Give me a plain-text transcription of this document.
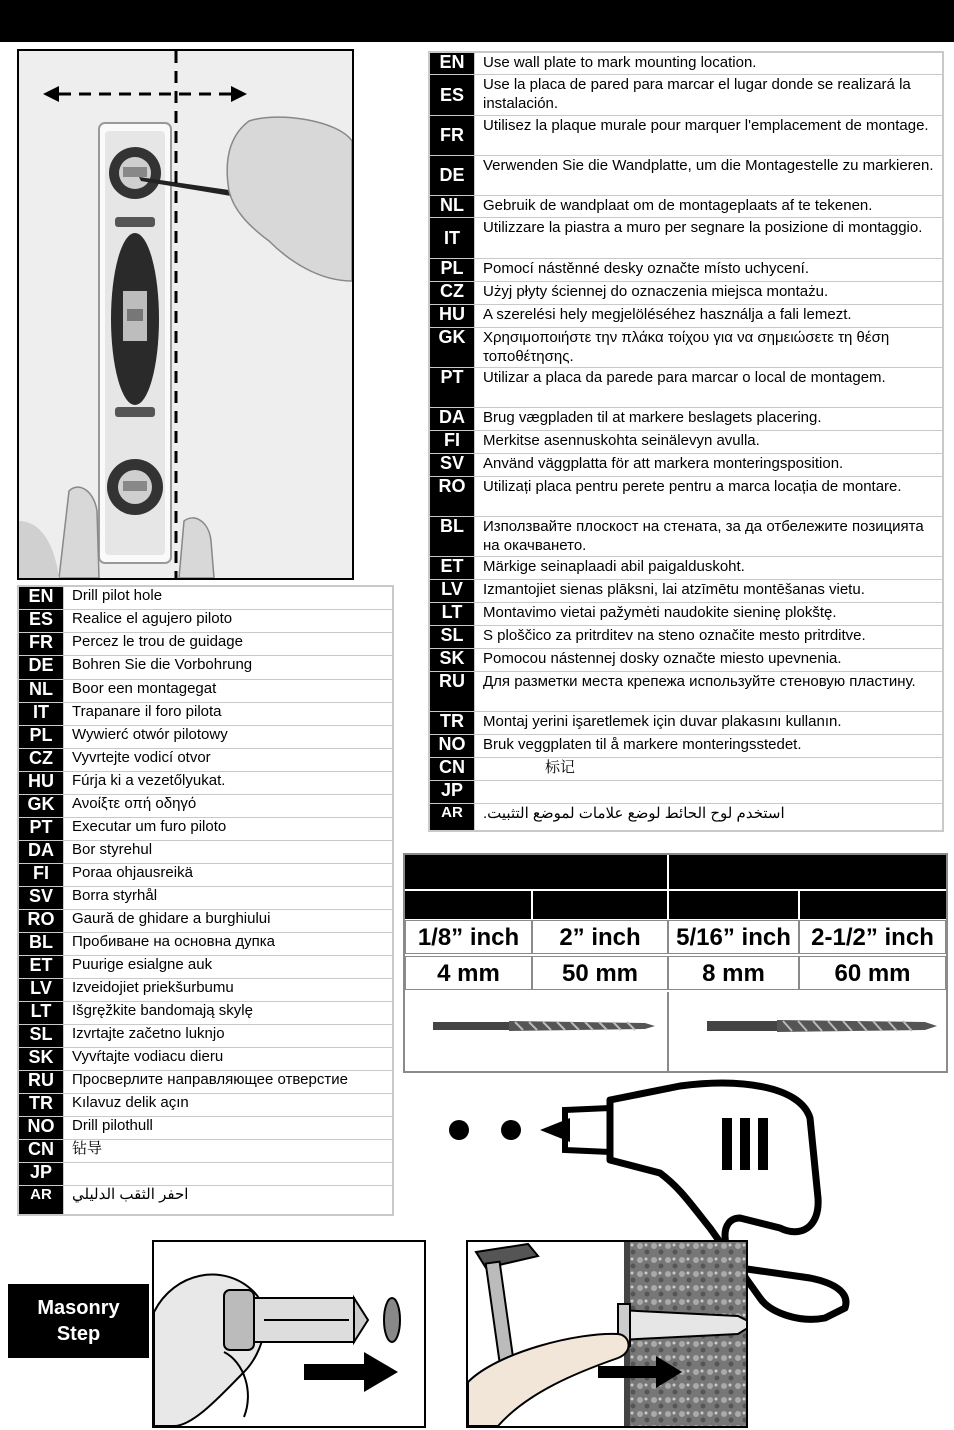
EN	Drill pilot hole
ES	Realice el agujero piloto
FR	Percez le trou de guidage
DE	Bohren Sie die Vorbohrung
NL	Boor een montagegat
IT	Trapanare il foro pilota
PL	Wywierć otwór pilotowy
CZ	Vyvrtejte vodicí otvor
HU	Fúrja ki a vezetőlyukat.
GK	Ανοίξτε οπή οδηγό
PT	Executar um furo piloto
DA	Bor styrehul
FI	Poraa ohjausreikä
SV	Borra styrhål
RO	Gaură de ghidare a burghiului
BL	Пробиване на основна дупка
ET	Puurige esialgne auk
LV	Izveidojiet priekšurbumu
LT	Išgręžkite bandomają skylę
SL	Izvrtajte začetno luknjo
SK	Vyvŕtajte vodiacu dieru
RU	Просверлите направляющее отверстие
TR	Kılavuz delik açın
NO	Drill pilothull
CN	钻导
JP	
AR	احفر الثقب الدليلي
EN	Use wall plate to mark mounting location.
ES	Use la placa de pared para marcar el lugar donde se realizará la instalación.
FR	Utilisez la plaque murale pour marquer l'emplacement de montage.
DE	Verwenden Sie die Wandplatte, um die Montagestelle zu markieren.
NL	Gebruik de wandplaat om de montageplaats af te tekenen.
IT	Utilizzare la piastra a muro per segnare la posizione di montaggio.
PL	Pomocí nástěnné desky označte místo uchycení.
CZ	Użyj płyty ściennej do oznaczenia miejsca montażu.
HU	A szerelési hely megjelöléséhez használja a fali lemezt.
GK	Χρησιμοποιήστε την πλάκα τοίχου για να σημειώσετε τη θέση τοποθέτησης.
PT	Utilizar a placa da parede para marcar o local de montagem.
DA	Brug vægpladen til at markere beslagets placering.
FI	Merkitse asennuskohta seinälevyn avulla.
SV	Använd väggplatta för att markera monteringsposition.
RO	Utilizați placa pentru perete pentru a marca locația de montare.
BL	Използвайте плоскост на стената, за да отбележите позицията на окачването.
ET	Märkige seinaplaadi abil paigalduskoht.
LV	Izmantojiet sienas plāksni, lai atzīmētu montēšanas vietu.
LT	Montavimo vietai pažymėti naudokite sieninę plokštę.
SL	S ploščico za pritrditev na steno označite mesto pritrditve.
SK	Pomocou nástennej dosky označte miesto upevnenia.
RU	Для разметки места крепежа используйте стеновую пластину.
TR	Montaj yerini işaretlemek için duvar plakasını kullanın.
NO	Bruk veggplaten til å markere monteringsstedet.
CN	标记
JP	
AR	استخدم لوح الحائط لوضع علامات لموضع التثبيت.
1/8” inch	2” inch	5/16” inch 2-1/2” inch
4 mm	50 mm	8 mm	60 mm
Masonry
Step
